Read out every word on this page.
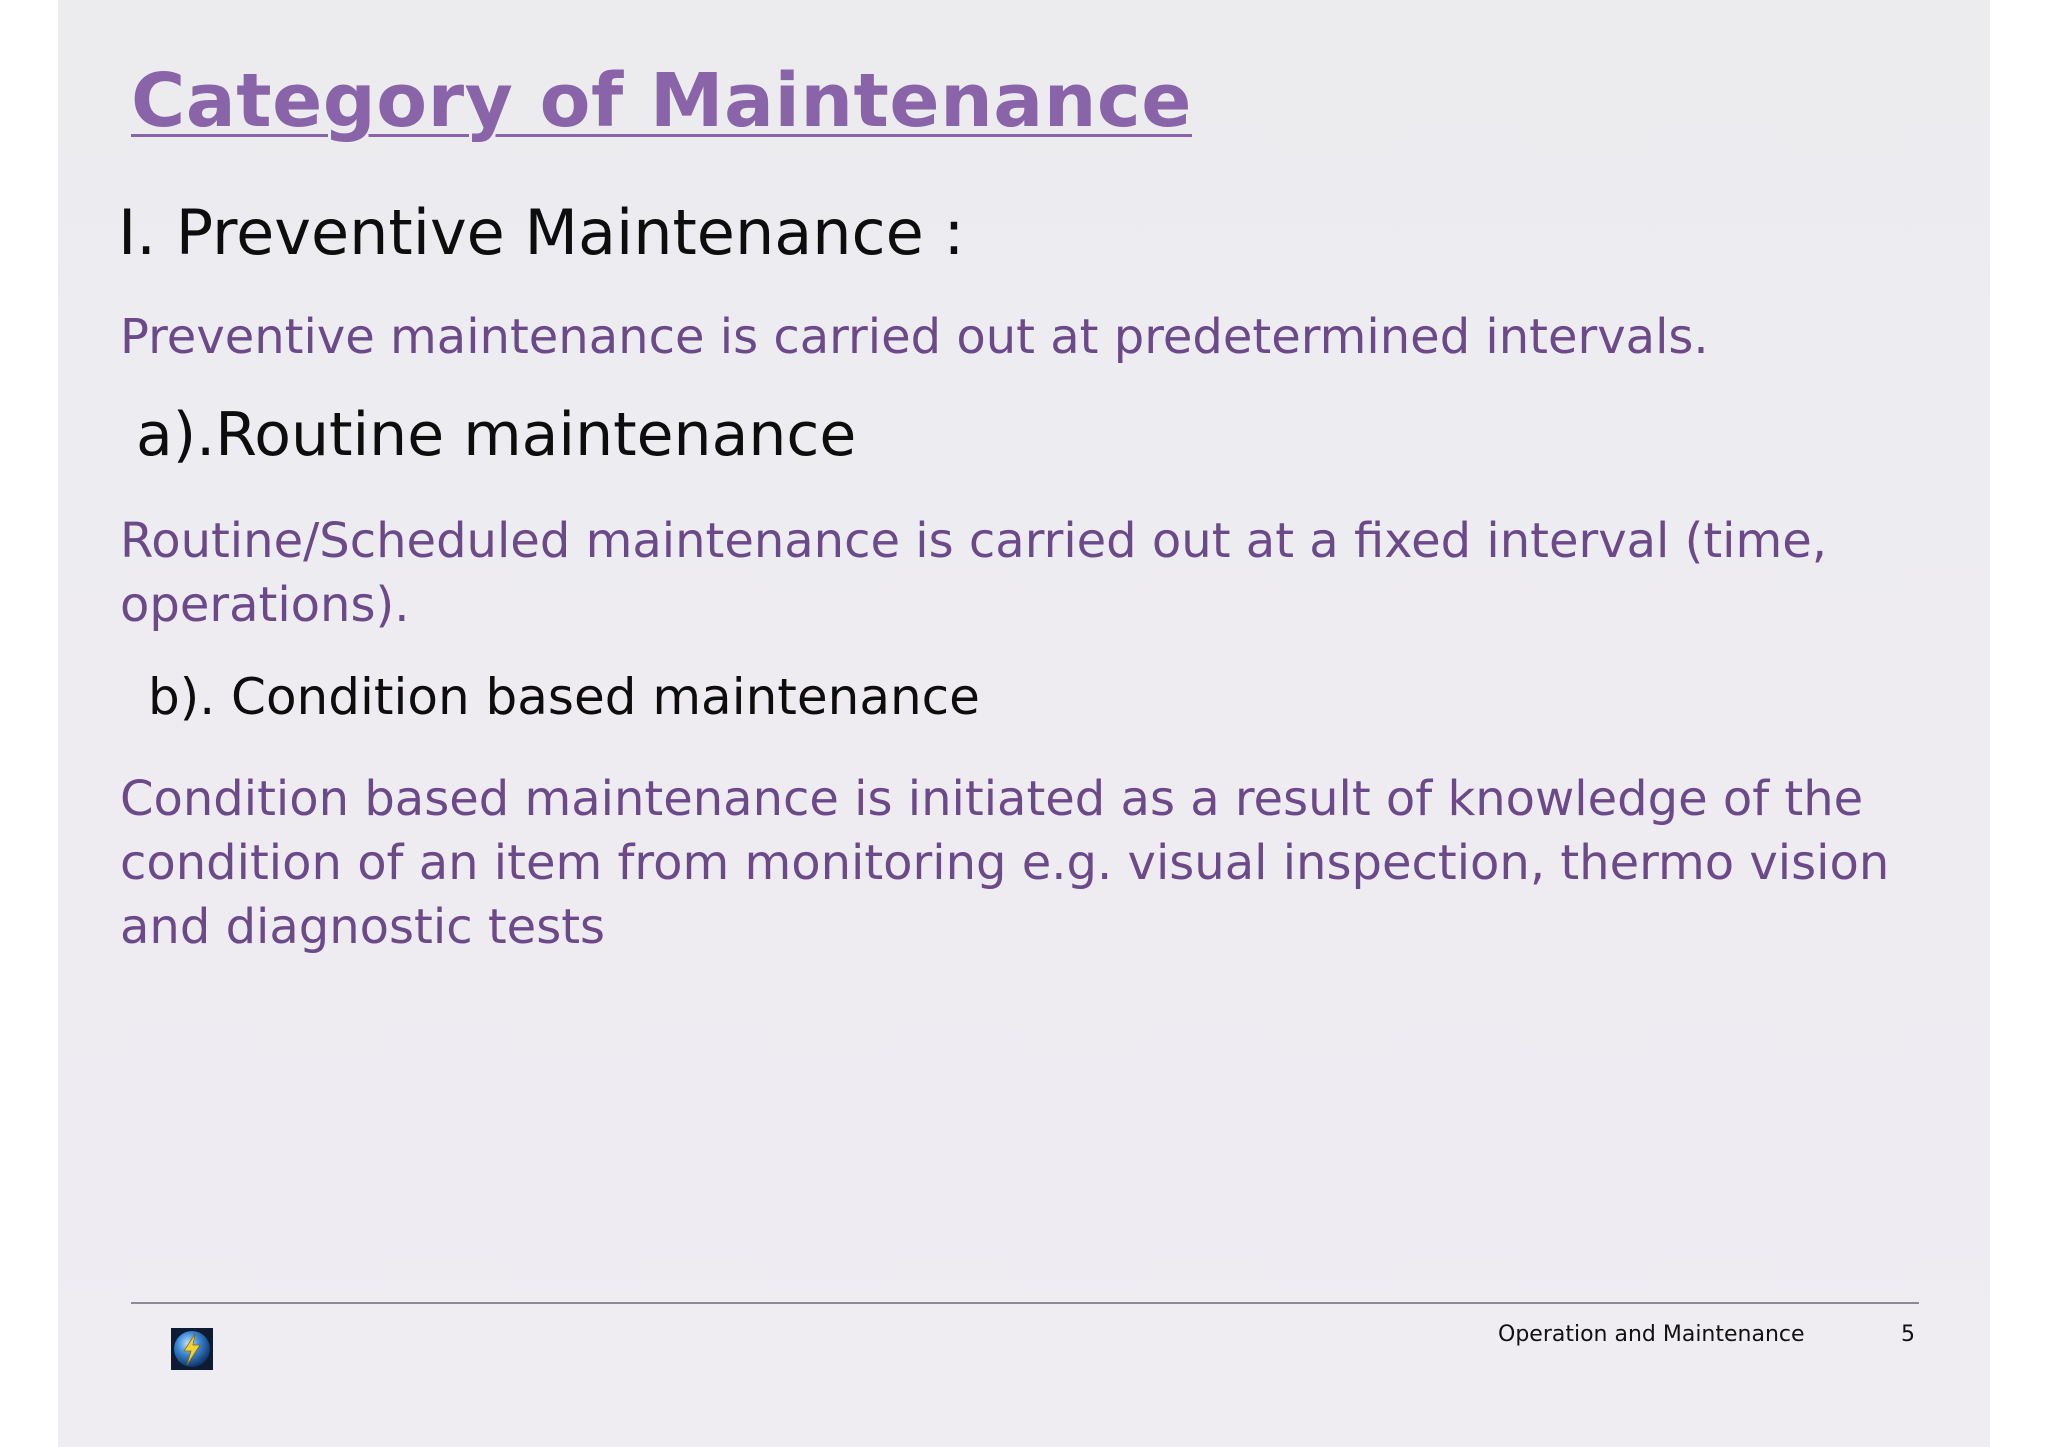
Category of Maintenance
I. Preventive Maintenance :

Preventive maintenance is carried out at predetermined intervals.

a).Routine maintenance

Routine/Scheduled maintenance is carried out at a fixed interval (time, operations).

b). Condition based maintenance

Condition based maintenance is initiated as a result of knowledge of the condition of an item from monitoring e.g. visual inspection, thermo vision and diagnostic tests

Operation and Maintenance	5
